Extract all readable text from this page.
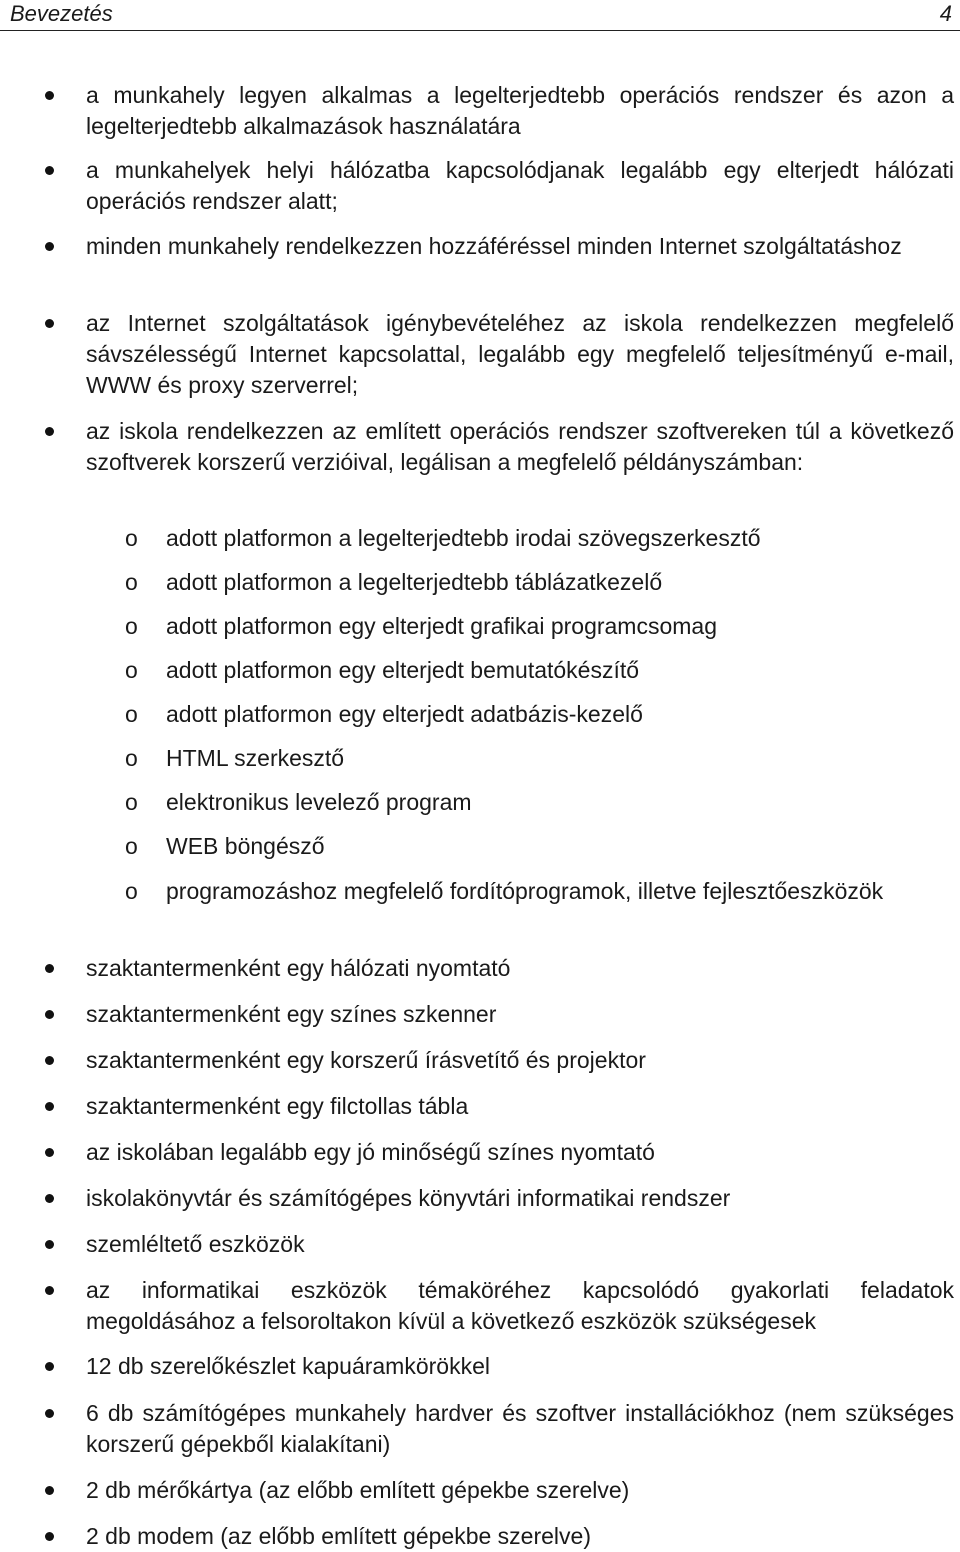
Bevezetés	4
a munkahely legyen alkalmas a legelterjedtebb operációs rendszer és azon a legelterjedtebb alkalmazások használatára
a munkahelyek helyi hálózatba kapcsolódjanak legalább egy elterjedt hálózati operációs rendszer alatt;
minden munkahely rendelkezzen hozzáféréssel minden Internet szolgáltatáshoz
az Internet szolgáltatások igénybevételéhez az iskola rendelkezzen megfelelő sávszélességű Internet kapcsolattal, legalább egy megfelelő teljesítményű e-mail, WWW és proxy szerverrel;
az iskola rendelkezzen az említett operációs rendszer szoftvereken túl a következő szoftverek korszerű verzióival, legálisan a megfelelő példányszámban:
o adott platformon a legelterjedtebb irodai szövegszerkesztő
o adott platformon a legelterjedtebb táblázatkezelő
o adott platformon egy elterjedt grafikai programcsomag
o adott platformon egy elterjedt bemutatókészítő
o adott platformon egy elterjedt adatbázis-kezelő
o HTML szerkesztő
o elektronikus levelező program
o WEB böngésző
o programozáshoz megfelelő fordítóprogramok, illetve fejlesztőeszközök
szaktantermenként egy hálózati nyomtató
szaktantermenként egy színes szkenner
szaktantermenként egy korszerű írásvetítő és projektor
szaktantermenként egy filctollas tábla
az iskolában legalább egy jó minőségű színes nyomtató
iskolakönyvtár és számítógépes könyvtári informatikai rendszer
szemléltető eszközök
az informatikai eszközök témaköréhez kapcsolódó gyakorlati feladatok megoldásához a felsoroltakon kívül a következő eszközök szükségesek
12 db szerelőkészlet kapuáramkörökkel
6 db számítógépes munkahely hardver és szoftver installációkhoz (nem szükséges korszerű gépekből kialakítani)
2 db mérőkártya (az előbb említett gépekbe szerelve)
2 db modem (az előbb említett gépekbe szerelve)
